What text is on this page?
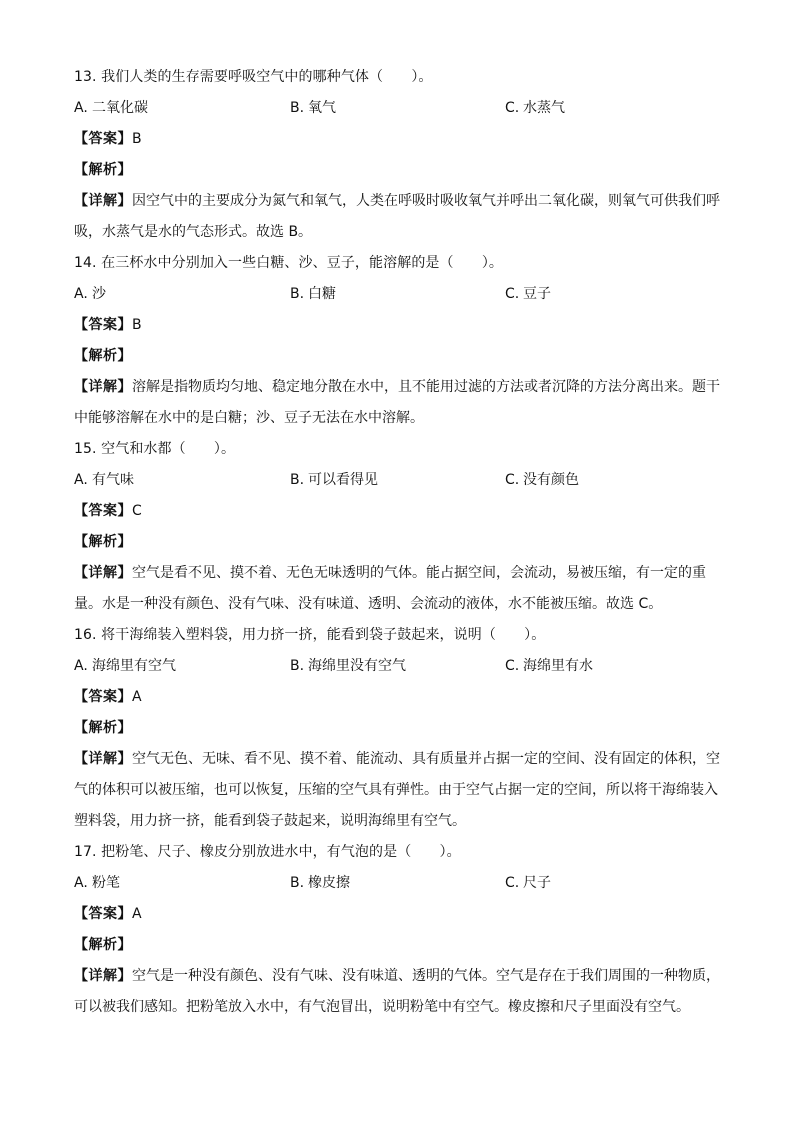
13. 我们人类的生存需要呼吸空气中的哪种气体（　　）。
A. 二氧化碳	B. 氧气	C. 水蒸气
【答案】B
【解析】
【详解】因空气中的主要成分为氮气和氧气，人类在呼吸时吸收氧气并呼出二氧化碳，则氧气可供我们呼
吸，水蒸气是水的气态形式。故选 B。
14. 在三杯水中分别加入一些白糖、沙、豆子，能溶解的是（　　）。
A. 沙	B. 白糖	C. 豆子
【答案】B
【解析】
【详解】溶解是指物质均匀地、稳定地分散在水中，且不能用过滤的方法或者沉降的方法分离出来。题干
中能够溶解在水中的是白糖；沙、豆子无法在水中溶解。
15. 空气和水都（　　）。
A. 有气味	B. 可以看得见	C. 没有颜色
【答案】C
【解析】
【详解】空气是看不见、摸不着、无色无味透明的气体。能占据空间，会流动，易被压缩，有一定的重
量。水是一种没有颜色、没有气味、没有味道、透明、会流动的液体，水不能被压缩。故选 C。
16. 将干海绵装入塑料袋，用力挤一挤，能看到袋子鼓起来，说明（　　）。
A. 海绵里有空气	B. 海绵里没有空气	C. 海绵里有水
【答案】A
【解析】
【详解】空气无色、无味、看不见、摸不着、能流动、具有质量并占据一定的空间、没有固定的体积，空
气的体积可以被压缩，也可以恢复，压缩的空气具有弹性。由于空气占据一定的空间，所以将干海绵装入
塑料袋，用力挤一挤，能看到袋子鼓起来，说明海绵里有空气。
17. 把粉笔、尺子、橡皮分别放进水中，有气泡的是（　　）。
A. 粉笔	B. 橡皮擦	C. 尺子
【答案】A
【解析】
【详解】空气是一种没有颜色、没有气味、没有味道、透明的气体。空气是存在于我们周围的一种物质，
可以被我们感知。把粉笔放入水中，有气泡冒出，说明粉笔中有空气。橡皮擦和尺子里面没有空气。
